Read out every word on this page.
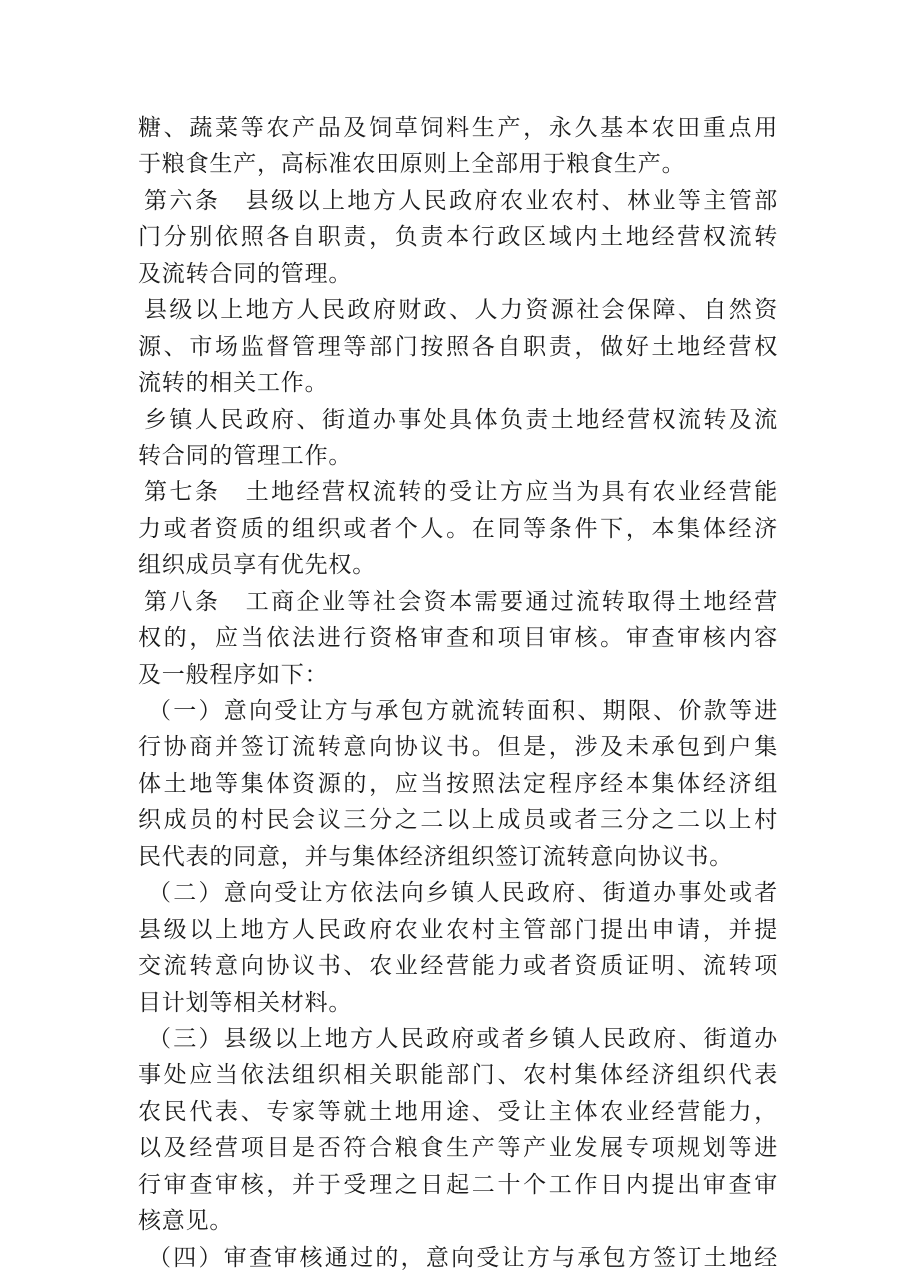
糖、蔬菜等农产品及饲草饲料生产，永久基本农田重点用
于粮食生产，高标准农田原则上全部用于粮食生产。
第六条　县级以上地方人民政府农业农村、林业等主管部
门分别依照各自职责，负责本行政区域内土地经营权流转
及流转合同的管理。
县级以上地方人民政府财政、人力资源社会保障、自然资
源、市场监督管理等部门按照各自职责，做好土地经营权
流转的相关工作。
乡镇人民政府、街道办事处具体负责土地经营权流转及流
转合同的管理工作。
第七条　土地经营权流转的受让方应当为具有农业经营能
力或者资质的组织或者个人。在同等条件下，本集体经济
组织成员享有优先权。
第八条　工商企业等社会资本需要通过流转取得土地经营
权的，应当依法进行资格审查和项目审核。审查审核内容
及一般程序如下：
（一）意向受让方与承包方就流转面积、期限、价款等进
行协商并签订流转意向协议书。但是，涉及未承包到户集
体土地等集体资源的，应当按照法定程序经本集体经济组
织成员的村民会议三分之二以上成员或者三分之二以上村
民代表的同意，并与集体经济组织签订流转意向协议书。
（二）意向受让方依法向乡镇人民政府、街道办事处或者
县级以上地方人民政府农业农村主管部门提出申请，并提
交流转意向协议书、农业经营能力或者资质证明、流转项
目计划等相关材料。
（三）县级以上地方人民政府或者乡镇人民政府、街道办
事处应当依法组织相关职能部门、农村集体经济组织代表
农民代表、专家等就土地用途、受让主体农业经营能力，
以及经营项目是否符合粮食生产等产业发展专项规划等进
行审查审核，并于受理之日起二十个工作日内提出审查审
核意见。
（四）审查审核通过的，意向受让方与承包方签订土地经
